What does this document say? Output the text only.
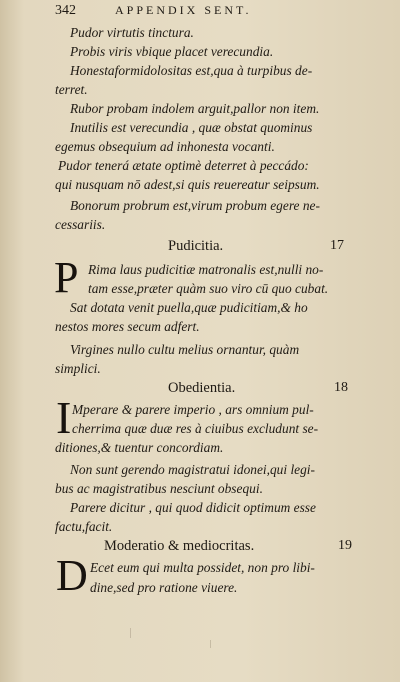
342	APPENDIX SENT.
Pudor virtutis tinctura.
Probis viris vbique placet verecundia.
Honestaformidolositas est,qua à turpibus de-
terret.
Rubor probam indolem arguit,pallor non item.
Inutilis est verecundia , quæ obstat quominus
egemus obsequium ad inhonesta vocanti.
Pudor tenerá ætate optimè deterret à peccádo:
qui nusquam nō adest,si quis reuereatur seipsum.
Bonorum probrum est,virum probum egere ne-
cessariis.
Pudicitia.	17
P Rima laus pudicitiæ matronalis est,nulli no-
tam esse,præter quàm suo viro cū quo cubat.
Sat dotata venit puella,quæ pudicitiam,& ho
nestos mores secum adfert.
Virgines nullo cultu melius ornantur, quàm
simplici.
Obedientia.	18
I Mperare & parere imperio , ars omnium pul-
cherrima quæ duæ res à ciuibus excludunt se-
ditiones,& tuentur concordiam.
Non sunt gerendo magistratui idonei,qui legi-
bus ac magistratibus nesciunt obsequi.
Parere dicitur , qui quod didicit optimum esse
factu,facit.
Moderatio & mediocritas.	19
D Ecet eum qui multa possidet, non pro libi-
dine,sed pro ratione viuere.
